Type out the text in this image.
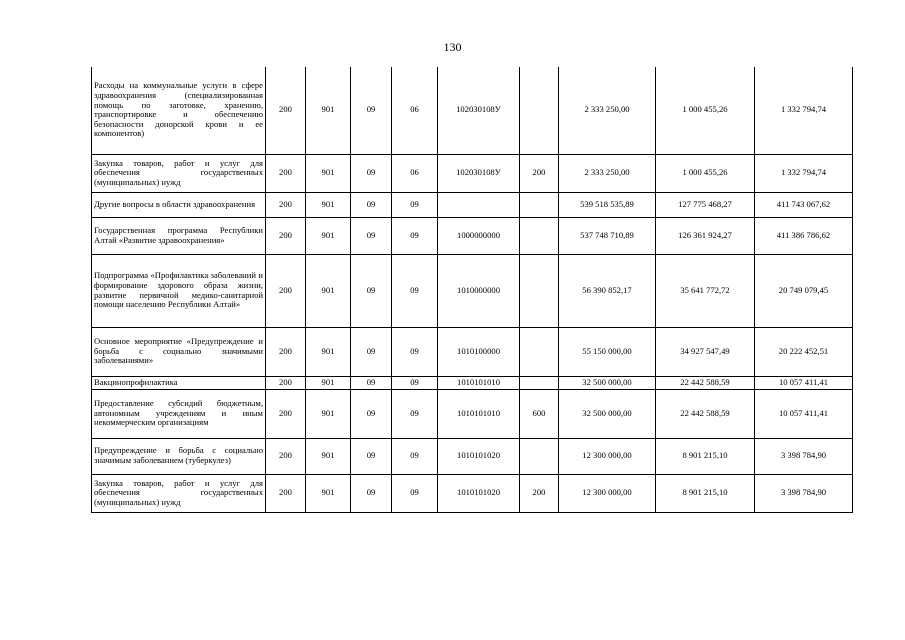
130
Расходы на коммунальные услуги в сфере здравоохранения (специализированная помощь по заготовке, хранению, транспортировке и обеспечению безопасности донорской крови и ее компонентов)	200	901	09	06	102030108У		2 333 250,00	1 000 455,26	1 332 794,74
Закупка товаров, работ и услуг для обеспечения государственных (муниципальных) нужд	200	901	09	06	102030108У	200	2 333 250,00	1 000 455,26	1 332 794,74
Другие вопросы в области здравоохранения	200	901	09	09			539 518 535,89	127 775 468,27	411 743 067,62
Государственная программа Республики Алтай «Развитие здравоохранения»	200	901	09	09	1000000000		537 748 710,89	126 361 924,27	411 386 786,62
Подпрограмма «Профилактика заболеваний и формирование здорового образа жизни, развитие первичной медико-санитарной помощи населению Республики Алтай»	200	901	09	09	1010000000		56 390 852,17	35 641 772,72	20 749 079,45
Основное мероприятие «Предупреждение и борьба с социально значимыми заболеваниями»	200	901	09	09	1010100000		55 150 000,00	34 927 547,49	20 222 452,51
Вакцинопрофилактика	200	901	09	09	1010101010		32 500 000,00	22 442 588,59	10 057 411,41
Предоставление субсидий бюджетным, автономным учреждениям и иным некоммерческим организациям	200	901	09	09	1010101010	600	32 500 000,00	22 442 588,59	10 057 411,41
Предупреждение и борьба с социально значимым заболеванием (туберкулез)	200	901	09	09	1010101020		12 300 000,00	8 901 215,10	3 398 784,90
Закупка товаров, работ и услуг для обеспечения государственных (муниципальных) нужд	200	901	09	09	1010101020	200	12 300 000,00	8 901 215,10	3 398 784,90
